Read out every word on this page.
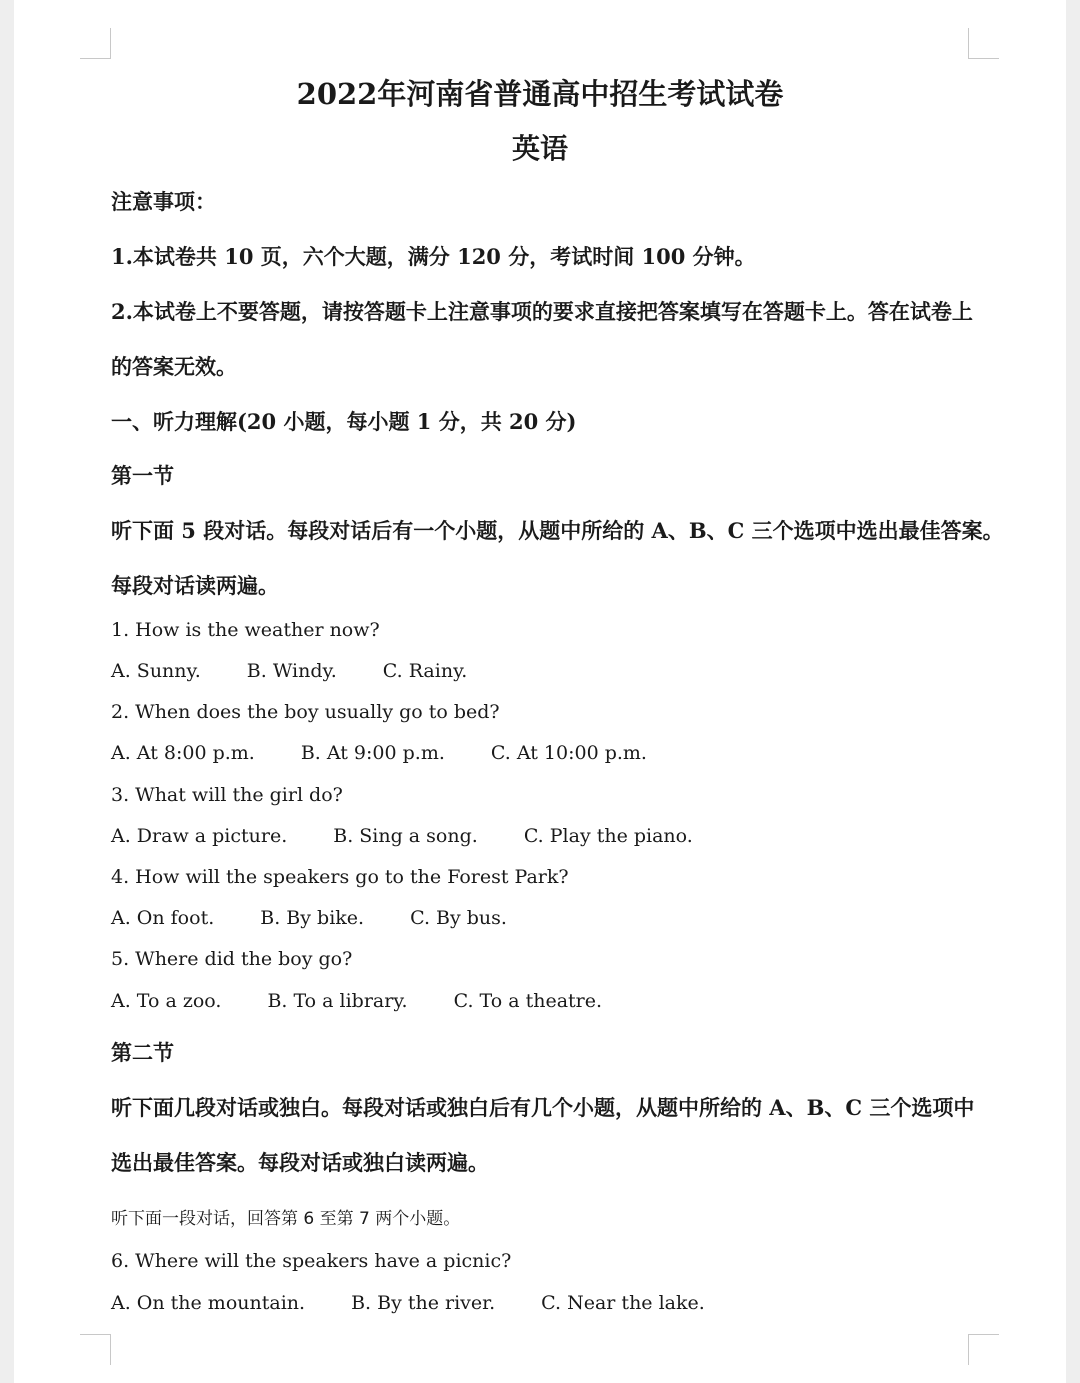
2022年河南省普通高中招生考试试卷

英语

注意事项：

1.本试卷共 10 页，六个大题，满分 120 分，考试时间 100 分钟。

2.本试卷上不要答题，请按答题卡上注意事项的要求直接把答案填写在答题卡上。答在试卷上

的答案无效。

一、听力理解(20 小题，每小题 1 分，共 20 分)

第一节

听下面 5 段对话。每段对话后有一个小题，从题中所给的 A、B、C 三个选项中选出最佳答案。

每段对话读两遍。

1. How is the weather now?

A. Sunny. B. Windy. C. Rainy.

2. When does the boy usually go to bed?

A. At 8:00 p.m. B. At 9:00 p.m. C. At 10:00 p.m.

3. What will the girl do?

A. Draw a picture. B. Sing a song. C. Play the piano.

4. How will the speakers go to the Forest Park?

A. On foot. B. By bike. C. By bus.

5. Where did the boy go?

A. To a zoo. B. To a library. C. To a theatre.

第二节

听下面几段对话或独白。每段对话或独白后有几个小题，从题中所给的 A、B、C 三个选项中

选出最佳答案。每段对话或独白读两遍。

听下面一段对话，回答第 6 至第 7 两个小题。

6. Where will the speakers have a picnic?

A. On the mountain. B. By the river. C. Near the lake.
